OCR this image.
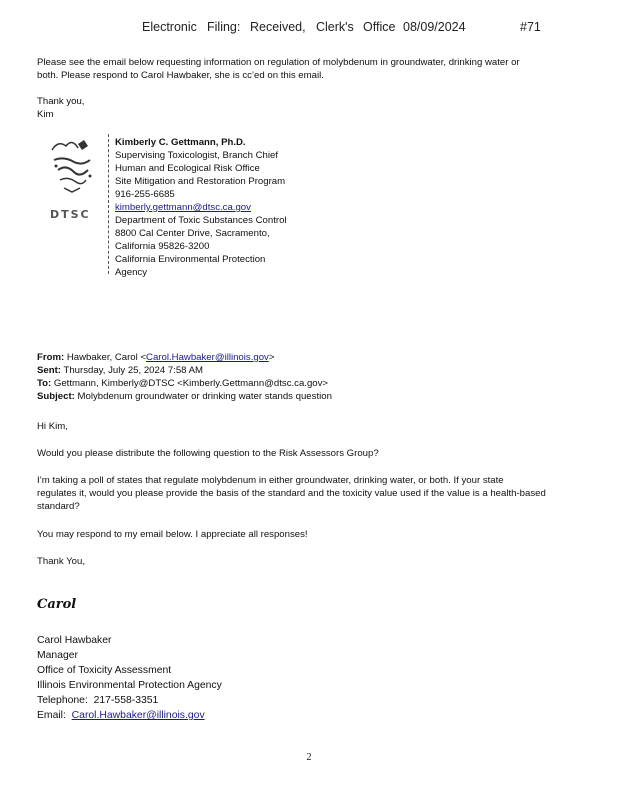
Electronic Filing: Received, Clerk's Office 08/09/2024	#71
Please see the email below requesting information on regulation of molybdenum in groundwater, drinking water or
both. Please respond to Carol Hawbaker, she is cc’ed on this email.
Thank you,
Kim
DTSC
Kimberly C. Gettmann, Ph.D.
Supervising Toxicologist, Branch Chief
Human and Ecological Risk Office
Site Mitigation and Restoration Program
916-255-6685
kimberly.gettmann@dtsc.ca.gov
Department of Toxic Substances Control
8800 Cal Center Drive, Sacramento,
California 95826-3200
California Environmental Protection
Agency
From: Hawbaker, Carol <Carol.Hawbaker@illinois.gov>
Sent: Thursday, July 25, 2024 7:58 AM
To: Gettmann, Kimberly@DTSC <Kimberly.Gettmann@dtsc.ca.gov>
Subject: Molybdenum groundwater or drinking water stands question
Hi Kim,
Would you please distribute the following question to the Risk Assessors Group?
I’m taking a poll of states that regulate molybdenum in either groundwater, drinking water, or both. If your state
regulates it, would you please provide the basis of the standard and the toxicity value used if the value is a health-based
standard?
You may respond to my email below. I appreciate all responses!
Thank You,
Carol
Carol Hawbaker
Manager
Office of Toxicity Assessment
Illinois Environmental Protection Agency
Telephone: 217-558-3351
Email: Carol.Hawbaker@illinois.gov
2
